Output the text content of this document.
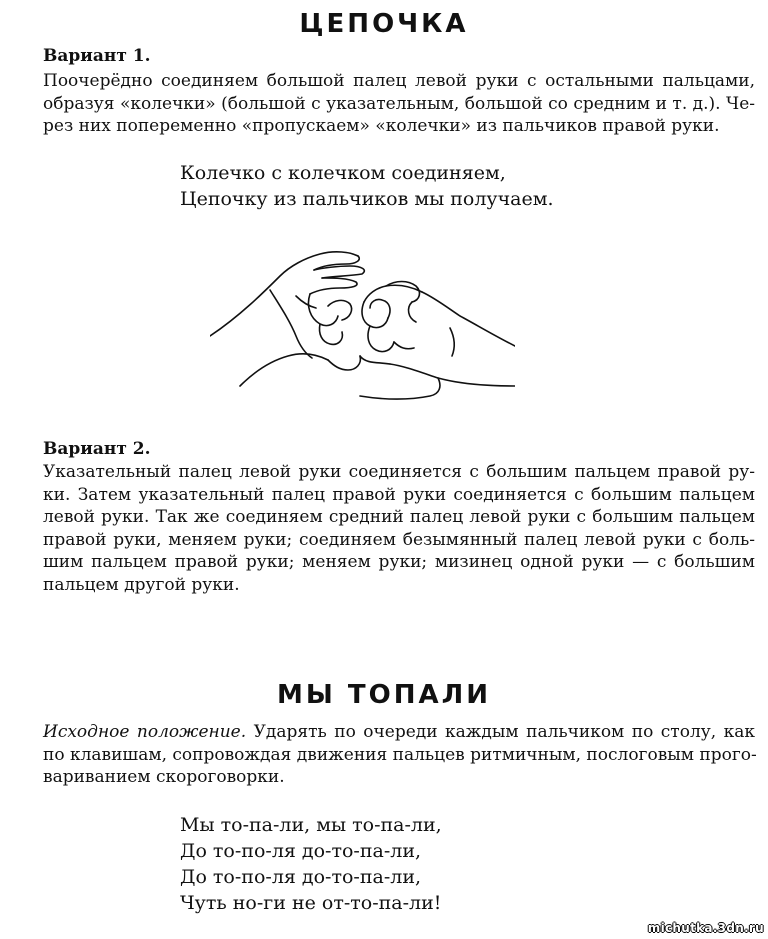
ЦЕПОЧКА
Вариант 1.
Поочерёдно соединяем большой палец левой руки с остальными пальцами,
образуя «колечки» (большой с указательным, большой со средним и т. д.). Че-
рез них попеременно «пропускаем» «колечки» из пальчиков правой руки.
Колечко с колечком соединяем,
Цепочку из пальчиков мы получаем.
Вариант 2.
Указательный палец левой руки соединяется с большим пальцем правой ру-
ки. Затем указательный палец правой руки соединяется с большим пальцем
левой руки. Так же соединяем средний палец левой руки с большим пальцем
правой руки, меняем руки; соединяем безымянный палец левой руки с боль-
шим пальцем правой руки; меняем руки; мизинец одной руки — с большим
пальцем другой руки.
МЫ ТОПАЛИ
Исходное положение. Ударять по очереди каждым пальчиком по столу, как
по клавишам, сопровождая движения пальцев ритмичным, послоговым прого-
вариванием скороговорки.
Мы то-па-ли, мы то-па-ли,
До то-по-ля до-то-па-ли,
До то-по-ля до-то-па-ли,
Чуть но-ги не от-то-па-ли!
michutka.3dn.ru
